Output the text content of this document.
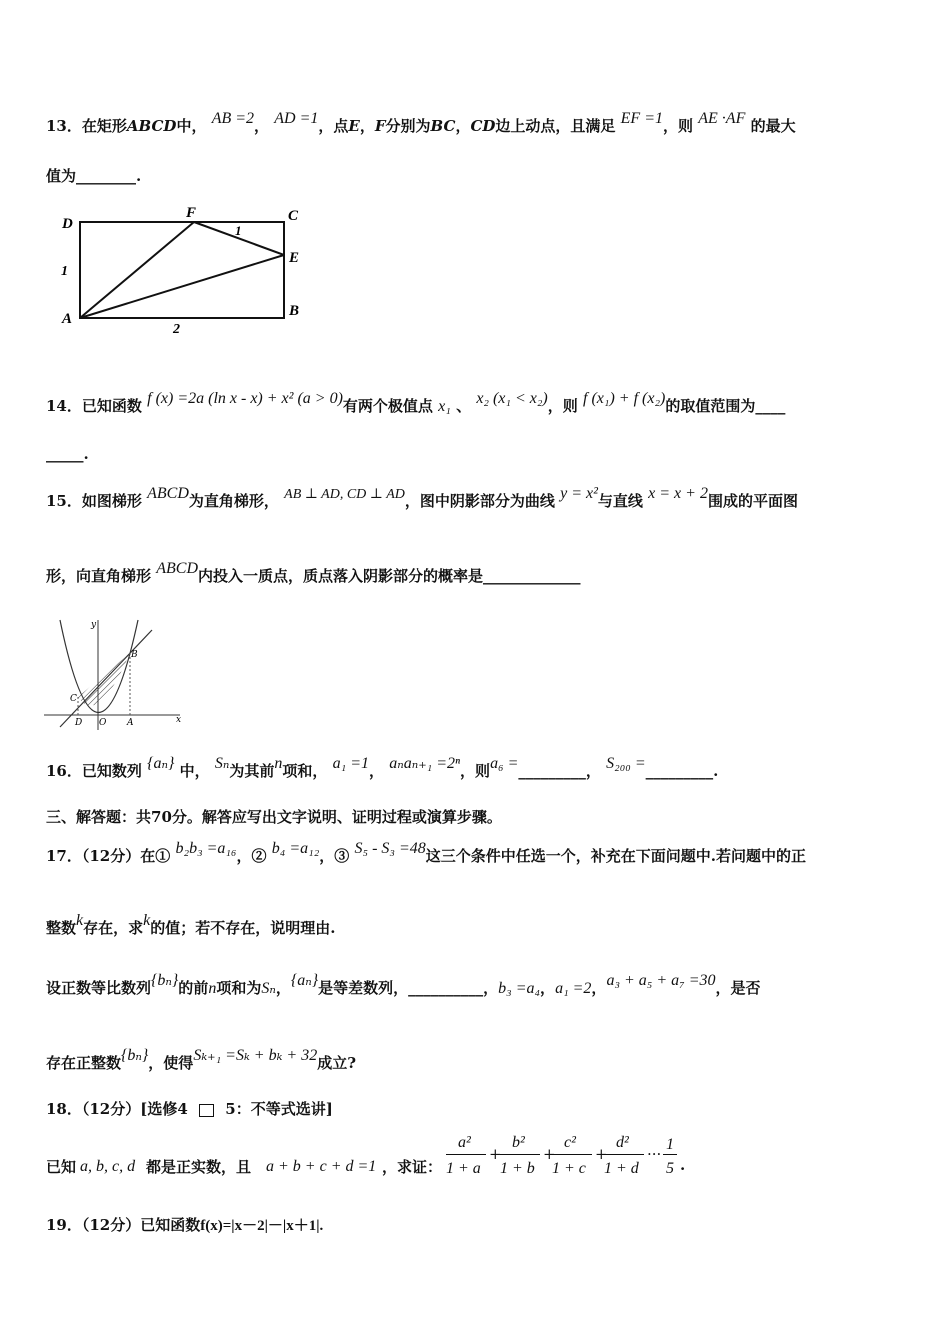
13．在矩形ABCD中， AB =2， AD =1，点E，F分别为BC，CD边上动点，且满足 EF =1，则 AE ·AF 的最大
值为________.
D
F	C
E
A	B
1
2
1
14．已知函数 f (x) =2a (ln x - x) + x² (a > 0)有两个极值点 x₁ 、 x₂ (x₁ < x₂)，则 f (x₁) + f (x₂)的取值范围为____
_____.
15．如图梯形 ABCD为直角梯形， AB ⊥ AD, CD ⊥ AD，图中阴影部分为曲线 y = x²与直线 x = x + 2围成的平面图
形，向直角梯形 ABCD内投入一质点，质点落入阴影部分的概率是_____________
y
x
B
C
D O A
16．已知数列 {aₙ} 中， Sₙ为其前n项和， a₁ =1， aₙaₙ₊₁ =2ⁿ，则a₆ =_________， S₂₀₀ =_________.
三、解答题：共70分。解答应写出文字说明、证明过程或演算步骤。
17．（12分）在① b₂b₃ =a₁₆，② b₄ =a₁₂，③ S₅ - S₃ =48这三个条件中任选一个，补充在下面问题中.若问题中的正
整数k存在，求k的值；若不存在，说明理由.
设正数等比数列{bₙ}的前n项和为Sₙ，{aₙ}是等差数列，__________，b₃ =a₄，a₁ =2，a₃ + a₅ + a₇ =30，是否
存在正整数{bₙ}，使得Sₖ₊₁ =Sₖ + bₖ + 32成立?
18．（12分）[选修4 5：不等式选讲]
已知 a, b, c, d 都是正实数，且 a + b + c + d =1 ，求证：
a²
1 + a
+
b²
1 + b
+
c²
1 + c
+
d²
1 + d
···
1
5 .
19．（12分）已知函数f(x)=|x－2|－|x＋1|.
